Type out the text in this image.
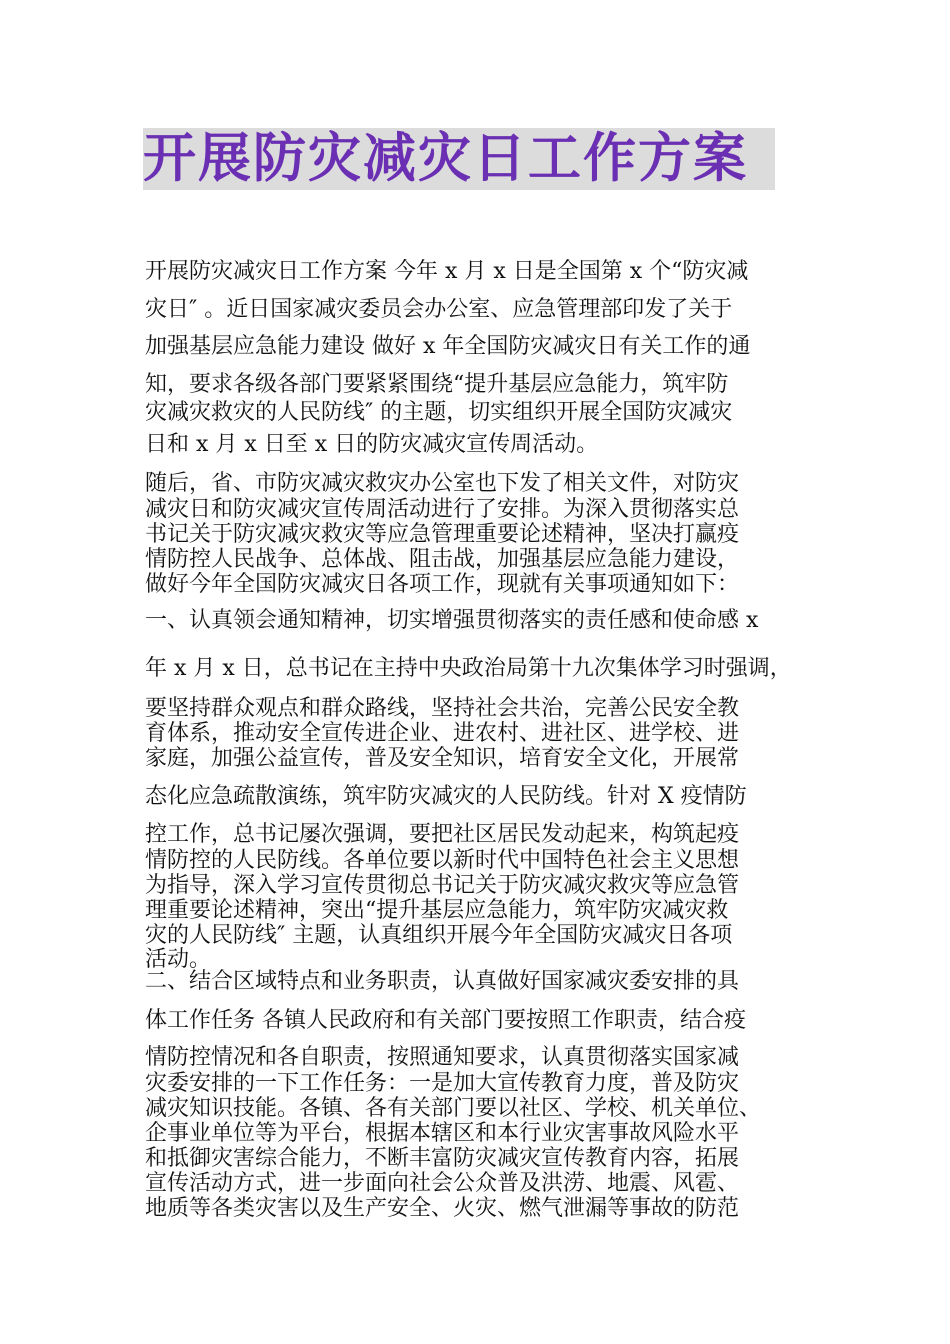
开展防灾减灾日工作方案
开展防灾减灾日工作方案 今年 x 月 x 日是全国第 x 个“防灾减
灾日″ 。近日国家减灾委员会办公室、应急管理部印发了关于
加强基层应急能力建设 做好 x 年全国防灾减灾日有关工作的通
知，要求各级各部门要紧紧围绕“提升基层应急能力，筑牢防
灾减灾救灾的人民防线″ 的主题，切实组织开展全国防灾减灾
日和 x 月 x 日至 x 日的防灾减灾宣传周活动。
随后，省、市防灾减灾救灾办公室也下发了相关文件，对防灾
减灾日和防灾减灾宣传周活动进行了安排。为深入贯彻落实总
书记关于防灾减灾救灾等应急管理重要论述精神，坚决打赢疫
情防控人民战争、总体战、阻击战，加强基层应急能力建设，
做好今年全国防灾减灾日各项工作，现就有关事项通知如下：
一、认真领会通知精神，切实增强贯彻落实的责任感和使命感 x
年 x 月 x 日，总书记在主持中央政治局第十九次集体学习时强调，
要坚持群众观点和群众路线，坚持社会共治，完善公民安全教
育体系，推动安全宣传进企业、进农村、进社区、进学校、进
家庭，加强公益宣传，普及安全知识，培育安全文化，开展常
态化应急疏散演练，筑牢防灾减灾的人民防线。针对 X 疫情防
控工作，总书记屡次强调，要把社区居民发动起来，构筑起疫
情防控的人民防线。各单位要以新时代中国特色社会主义思想
为指导，深入学习宣传贯彻总书记关于防灾减灾救灾等应急管
理重要论述精神，突出“提升基层应急能力，筑牢防灾减灾救
灾的人民防线″ 主题，认真组织开展今年全国防灾减灾日各项
活动。
二、结合区域特点和业务职责，认真做好国家减灾委安排的具
体工作任务 各镇人民政府和有关部门要按照工作职责，结合疫
情防控情况和各自职责，按照通知要求，认真贯彻落实国家减
灾委安排的一下工作任务：一是加大宣传教育力度，普及防灾
减灾知识技能。各镇、各有关部门要以社区、学校、机关单位、
企事业单位等为平台，根据本辖区和本行业灾害事故风险水平
和抵御灾害综合能力，不断丰富防灾减灾宣传教育内容，拓展
宣传活动方式，进一步面向社会公众普及洪涝、地震、风雹、
地质等各类灾害以及生产安全、火灾、燃气泄漏等事故的防范
